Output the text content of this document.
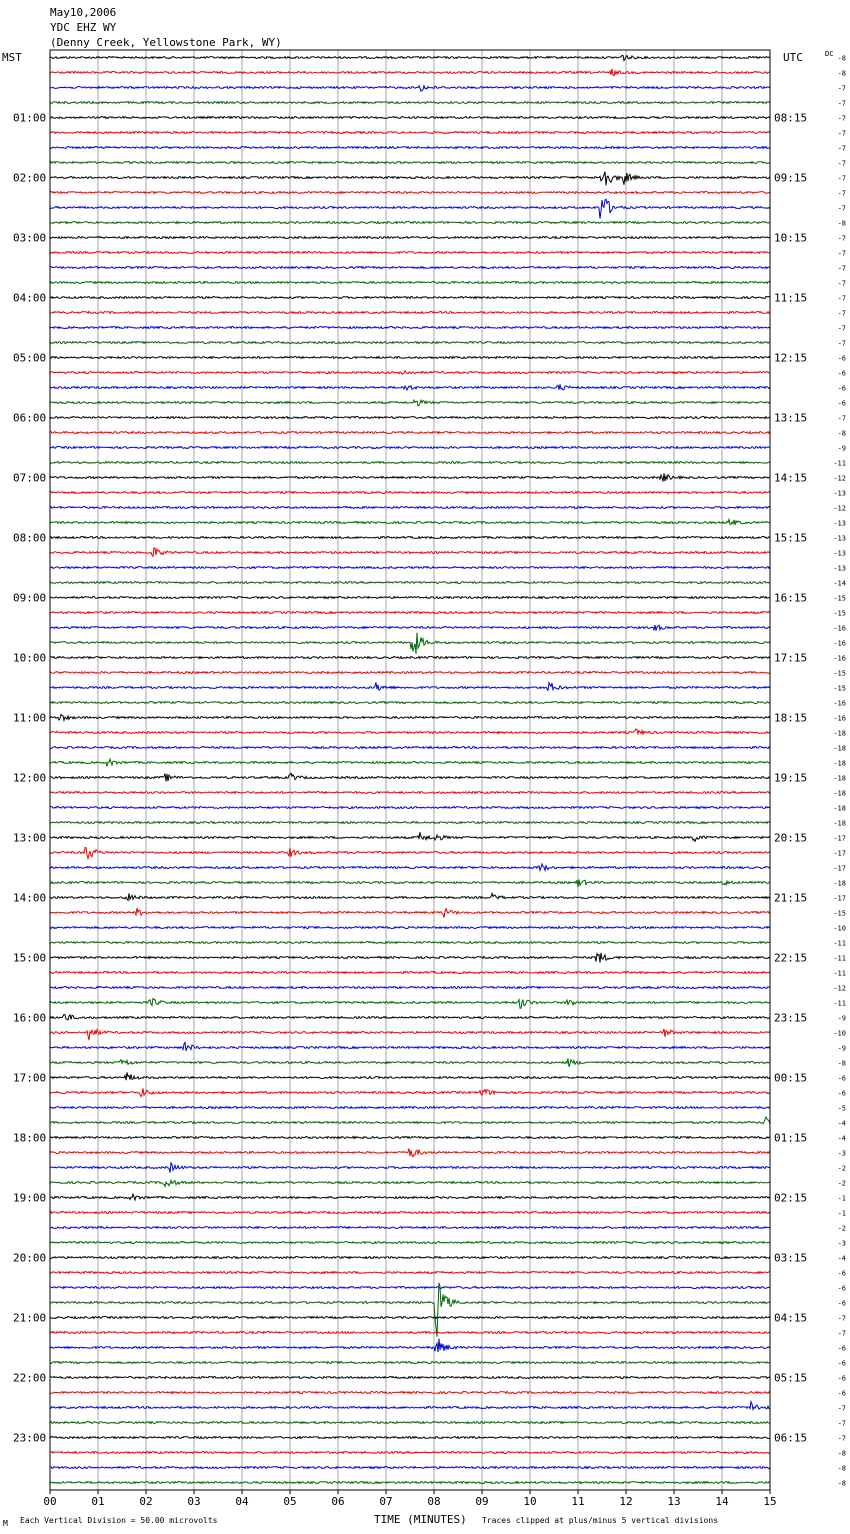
May10,2006
YDC EHZ WY
(Denny Creek, Yellowstone Park, WY)
MST	UTC	DC
01:00
02:00
03:00
04:00
05:00
06:00
07:00
08:00
09:00
10:00
11:00
12:00
13:00
14:00
15:00
16:00
17:00
18:00
19:00
20:00
21:00
22:00
23:00
08:15
09:15
10:15
11:15
12:15
13:15
14:15
15:15
16:15
17:15
18:15
19:15
20:15
21:15
22:15
23:15
00:15
01:15
02:15
03:15
04:15
05:15
06:15
-8
-8
-7
-7
-7
-7
-7
-7
-7
-7
-7
-8
-7
-7
-7
-7
-7
-7
-7
-7
-6
-6
-6
-6
-7
-8
-9
-11
-12
-13
-12
-13
-13
-13
-13
-14
-15
-15
-16
-16
-16
-15
-15
-16
-16
-18
-18
-18
-18
-18
-18
-18
-17
-17
-17
-18
-17
-15
-10
-11
-11
-11
-12
-11
-9
-10
-9
-8
-6
-6
-5
-4
-4
-3
-2
-2
-1
-1
-2
-3
-4
-6
-6
-6
-7
-7
-6
-6
-6
-6
-7
-7
-7
-8
-8
-8
00	01	02	03	04	05	06	07	08	09	10	11	12	13	14	15
M Each Vertical Division = 50.00 microvolts	TIME (MINUTES) Traces clipped at plus/minus 5 vertical divisions
